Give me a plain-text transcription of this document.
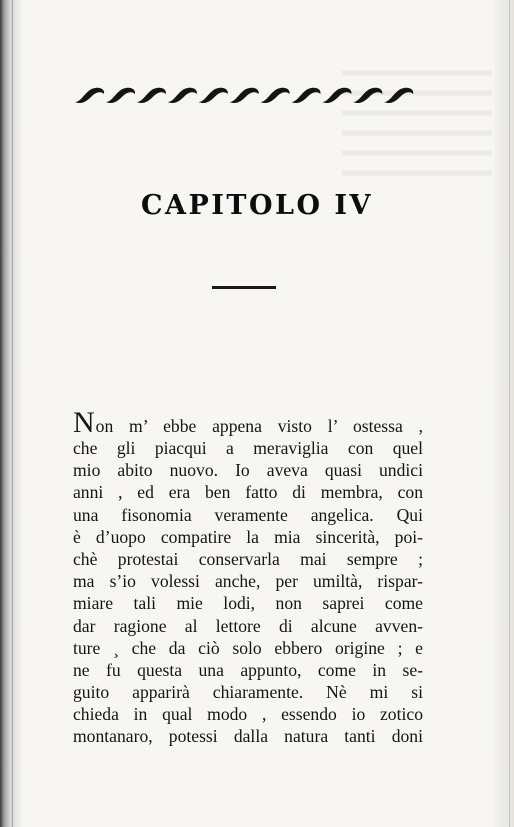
CAPITOLO IV
Non m’ ebbe appena visto l’ ostessa ,
che gli piacqui a meraviglia con quel
mio abito nuovo. Io aveva quasi undici
anni , ed era ben fatto di membra, con
una fisonomia veramente angelica. Qui
è d’uopo compatire la mia sincerità, poi-
chè protestai conservarla mai sempre ;
ma s’io volessi anche, per umiltà, rispar-
miare tali mie lodi, non saprei come
dar ragione al lettore di alcune avven-
ture ¸ che da ciò solo ebbero origine ; e
ne fu questa una appunto, come in se-
guito apparirà chiaramente. Nè mi si
chieda in qual modo , essendo io zotico
montanaro, potessi dalla natura tanti doni
